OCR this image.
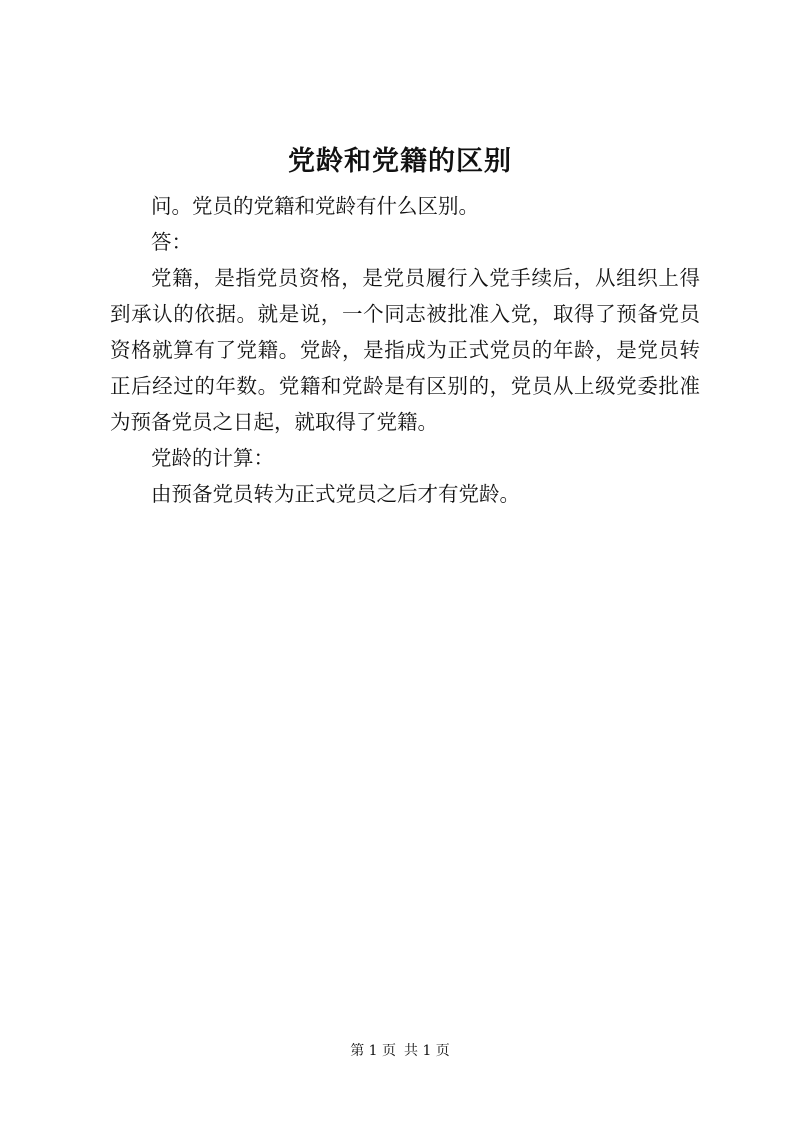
党龄和党籍的区别

问。党员的党籍和党龄有什么区别。

答：

党籍，是指党员资格，是党员履行入党手续后，从组织上得到承认的依据。就是说，一个同志被批准入党，取得了预备党员资格就算有了党籍。党龄，是指成为正式党员的年龄，是党员转正后经过的年数。党籍和党龄是有区别的，党员从上级党委批准为预备党员之日起，就取得了党籍。

党龄的计算：

由预备党员转为正式党员之后才有党龄。

第 1 页 共 1 页
